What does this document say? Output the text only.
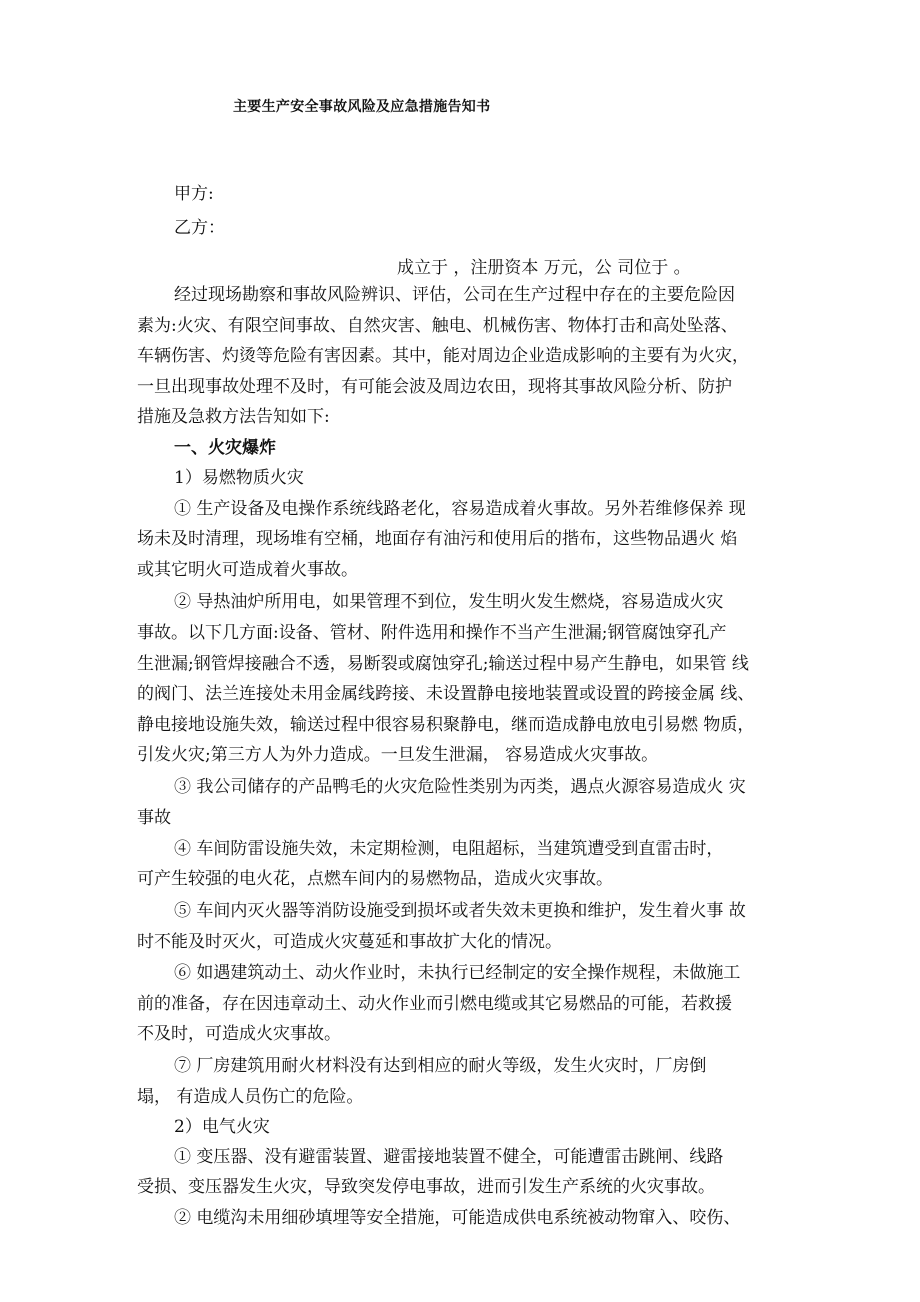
主要生产安全事故风险及应急措施告知书
甲方:
乙方：
成立于 ，注册资本 万元，公 司位于 。
经过现场勘察和事故风险辨识、评估，公司在生产过程中存在的主要危险因
素为:火灾、有限空间事故、自然灾害、触电、机械伤害、物体打击和高处坠落、
车辆伤害、灼烫等危险有害因素。其中，能对周边企业造成影响的主要有为火灾，
一旦出现事故处理不及时，有可能会波及周边农田，现将其事故风险分析、防护
措施及急救方法告知如下:
一、火灾爆炸
1）易燃物质火灾
① 生产设备及电操作系统线路老化，容易造成着火事故。另外若维修保养 现
场未及时清理，现场堆有空桶，地面存有油污和使用后的揩布，这些物品遇火 焰
或其它明火可造成着火事故。
② 导热油炉所用电，如果管理不到位，发生明火发生燃烧，容易造成火灾
事故。以下几方面:设备、管材、附件选用和操作不当产生泄漏;钢管腐蚀穿孔产
生泄漏;钢管焊接融合不透，易断裂或腐蚀穿孔;输送过程中易产生静电，如果管 线
的阀门、法兰连接处未用金属线跨接、未设置静电接地装置或设置的跨接金属 线、
静电接地设施失效，输送过程中很容易积聚静电，继而造成静电放电引易燃 物质，
引发火灾;第三方人为外力造成。一旦发生泄漏， 容易造成火灾事故。
③ 我公司储存的产品鸭毛的火灾危险性类别为丙类，遇点火源容易造成火 灾
事故
④ 车间防雷设施失效，未定期检测，电阻超标，当建筑遭受到直雷击时，
可产生较强的电火花，点燃车间内的易燃物品，造成火灾事故。
⑤ 车间内灭火器等消防设施受到损坏或者失效未更换和维护，发生着火事 故
时不能及时灭火，可造成火灾蔓延和事故扩大化的情况。
⑥ 如遇建筑动土、动火作业时，未执行已经制定的安全操作规程，未做施工
前的准备，存在因违章动土、动火作业而引燃电缆或其它易燃品的可能，若救援
不及时，可造成火灾事故。
⑦ 厂房建筑用耐火材料没有达到相应的耐火等级，发生火灾时，厂房倒
塌， 有造成人员伤亡的危险。
2）电气火灾
① 变压器、没有避雷装置、避雷接地装置不健全，可能遭雷击跳闸、线路
受损、变压器发生火灾，导致突发停电事故，进而引发生产系统的火灾事故。
② 电缆沟未用细砂填埋等安全措施，可能造成供电系统被动物窜入、咬伤、
